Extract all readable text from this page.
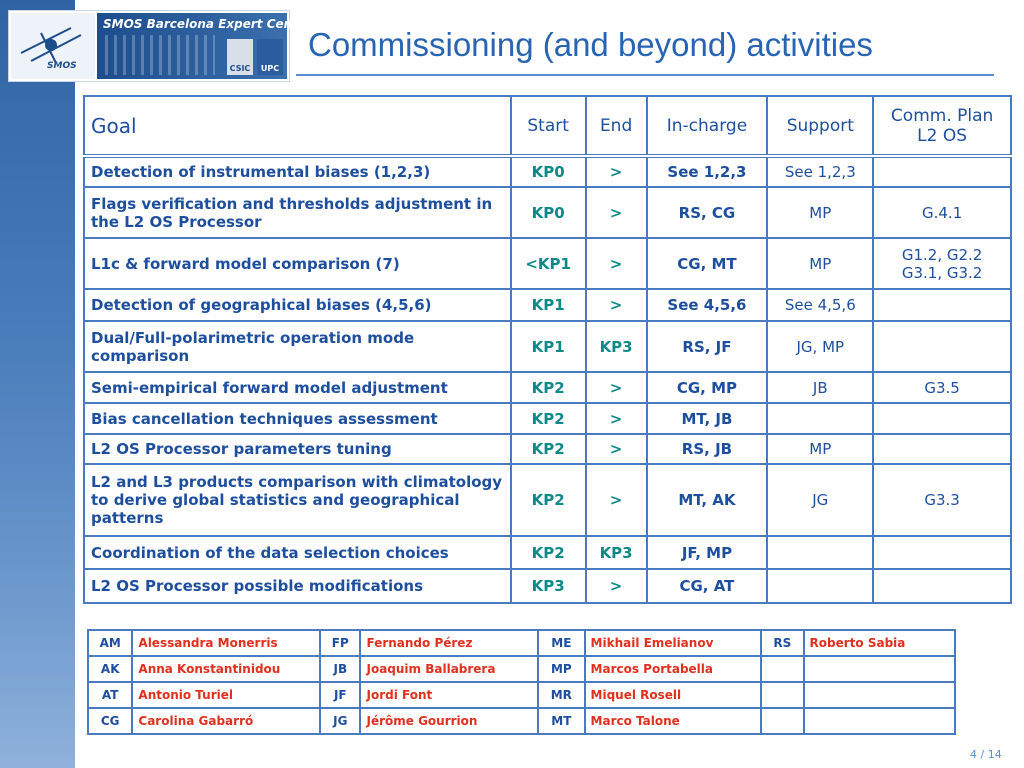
SMOS
SMOS Barcelona Expert Centre
CSIC	UPC
Commissioning (and beyond) activities
Goal	Start	End	In-charge	Support	Comm. Plan L2 OS
Detection of instrumental biases (1,2,3)	KP0	>	See 1,2,3	See 1,2,3	
Flags verification and thresholds adjustment in the L2 OS Processor	KP0	>	RS, CG	MP	G.4.1
L1c & forward model comparison (7)	<KP1	>	CG, MT	MP	G1.2, G2.2 G3.1, G3.2
Detection of geographical biases (4,5,6)	KP1	>	See 4,5,6	See 4,5,6	
Dual/Full-polarimetric operation mode comparison	KP1	KP3	RS, JF	JG, MP	
Semi-empirical forward model adjustment	KP2	>	CG, MP	JB	G3.5
Bias cancellation techniques assessment	KP2	>	MT, JB		
L2 OS Processor parameters tuning	KP2	>	RS, JB	MP	
L2 and L3 products comparison with climatology to derive global statistics and geographical patterns	KP2	>	MT, AK	JG	G3.3
Coordination of the data selection choices	KP2	KP3	JF, MP		
L2 OS Processor possible modifications	KP3	>	CG, AT		
AM	Alessandra Monerris	FP	Fernando Pérez	ME	Mikhail Emelianov	RS	Roberto Sabia
AK	Anna Konstantinidou	JB	Joaquim Ballabrera	MP	Marcos Portabella		
AT	Antonio Turiel	JF	Jordi Font	MR	Miquel Rosell		
CG	Carolina Gabarró	JG	Jérôme Gourrion	MT	Marco Talone		
4 / 14
